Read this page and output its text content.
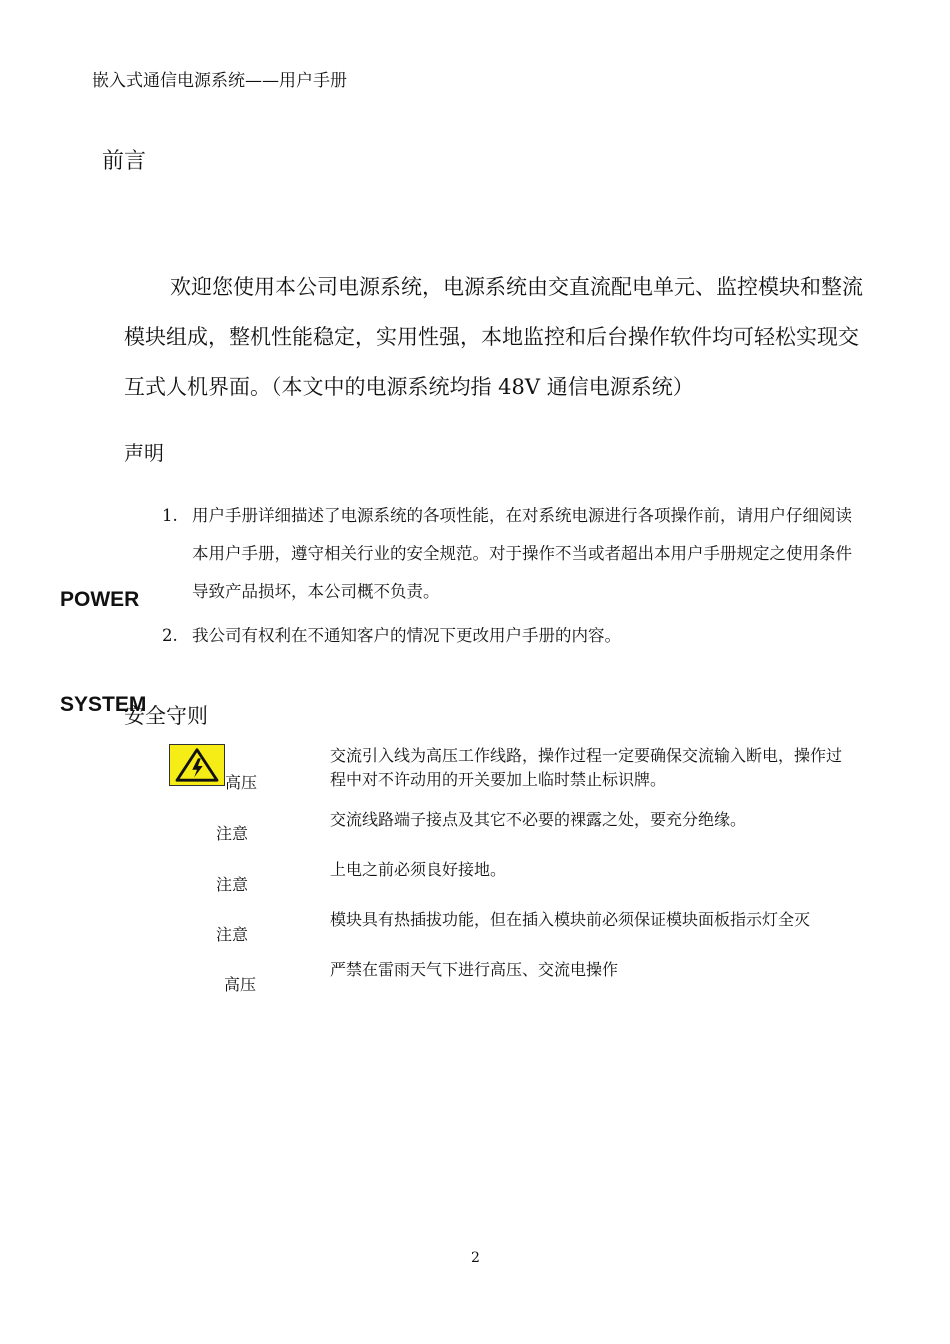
嵌入式通信电源系统——用户手册
前言
欢迎您使用本公司电源系统，电源系统由交直流配电单元、监控模块和整流模块组成，整机性能稳定，实用性强，本地监控和后台操作软件均可轻松实现交互式人机界面。（本文中的电源系统均指 48V 通信电源系统）
声明
1. 用户手册详细描述了电源系统的各项性能，在对系统电源进行各项操作前，请用户仔细阅读本用户手册，遵守相关行业的安全规范。对于操作不当或者超出本用户手册规定之使用条件导致产品损坏，本公司概不负责。
2. 我公司有权利在不通知客户的情况下更改用户手册的内容。
POWER
安全守则
SYSTEM
高压
交流引入线为高压工作线路，操作过程一定要确保交流输入断电，操作过程中对不许动用的开关要加上临时禁止标识牌。
注意
交流线路端子接点及其它不必要的裸露之处，要充分绝缘。
注意
上电之前必须良好接地。
注意
模块具有热插拔功能，但在插入模块前必须保证模块面板指示灯全灭
高压
严禁在雷雨天气下进行高压、交流电操作
2
